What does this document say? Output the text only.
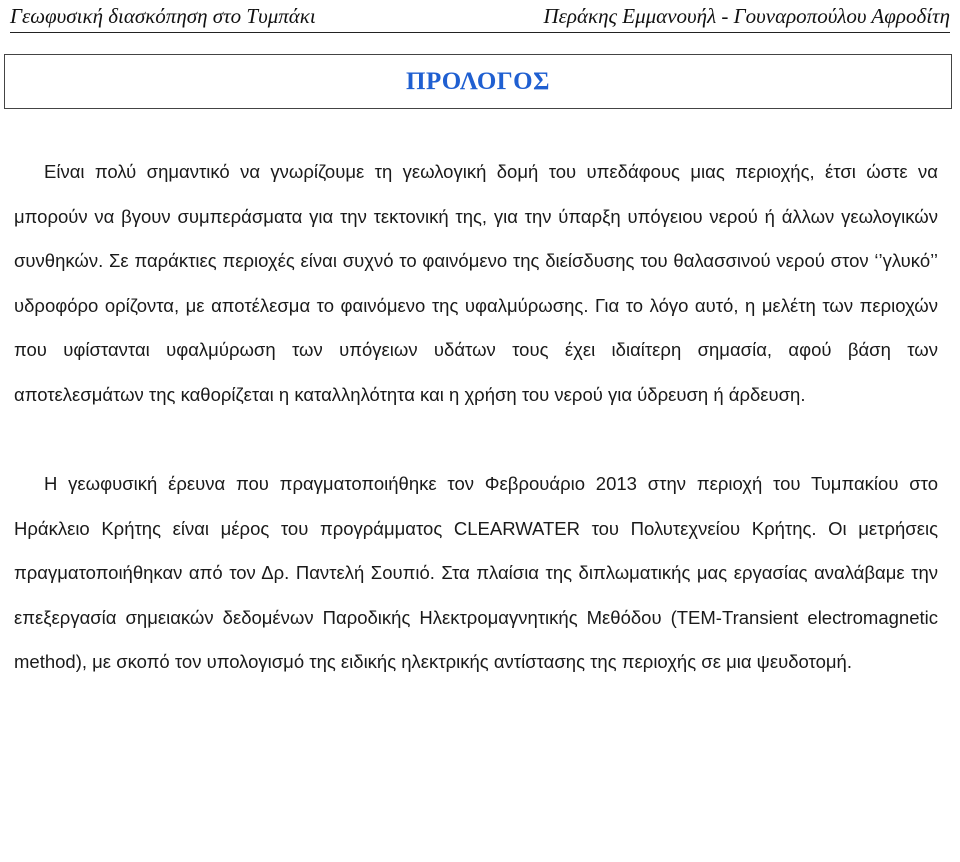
Γεωφυσική διασκόπηση στο Τυμπάκι	Περάκης Εμμανουήλ - Γουναροπούλου Αφροδίτη
ΠΡΟΛΟΓΟΣ

Είναι πολύ σημαντικό να γνωρίζουμε τη γεωλογική δομή του υπεδάφους μιας περιοχής, έτσι ώστε να μπορούν να βγουν συμπεράσματα για την τεκτονική της, για την ύπαρξη υπόγειου νερού ή άλλων γεωλογικών συνθηκών. Σε παράκτιες περιοχές είναι συχνό το φαινόμενο της διείσδυσης του θαλασσινού νερού στον ‘’γλυκό’’ υδροφόρο ορίζοντα, με αποτέλεσμα το φαινόμενο της υφαλμύρωσης. Για το λόγο αυτό, η μελέτη των περιοχών που υφίστανται υφαλμύρωση των υπόγειων υδάτων τους έχει ιδιαίτερη σημασία, αφού βάση των αποτελεσμάτων της καθορίζεται η καταλληλότητα και η χρήση του νερού για ύδρευση ή άρδευση.

Η γεωφυσική έρευνα που πραγματοποιήθηκε τον Φεβρουάριο 2013 στην περιοχή του Τυμπακίου στο Ηράκλειο Κρήτης είναι μέρος του προγράμματος CLEARWATER του Πολυτεχνείου Κρήτης. Οι μετρήσεις πραγματοποιήθηκαν από τον Δρ. Παντελή Σουπιό. Στα πλαίσια της διπλωματικής μας εργασίας αναλάβαμε την επεξεργασία σημειακών δεδομένων Παροδικής Ηλεκτρομαγνητικής Μεθόδου (TEM-Transient electromagnetic method), με σκοπό τον υπολογισμό της ειδικής ηλεκτρικής αντίστασης της περιοχής σε μια ψευδοτομή.
